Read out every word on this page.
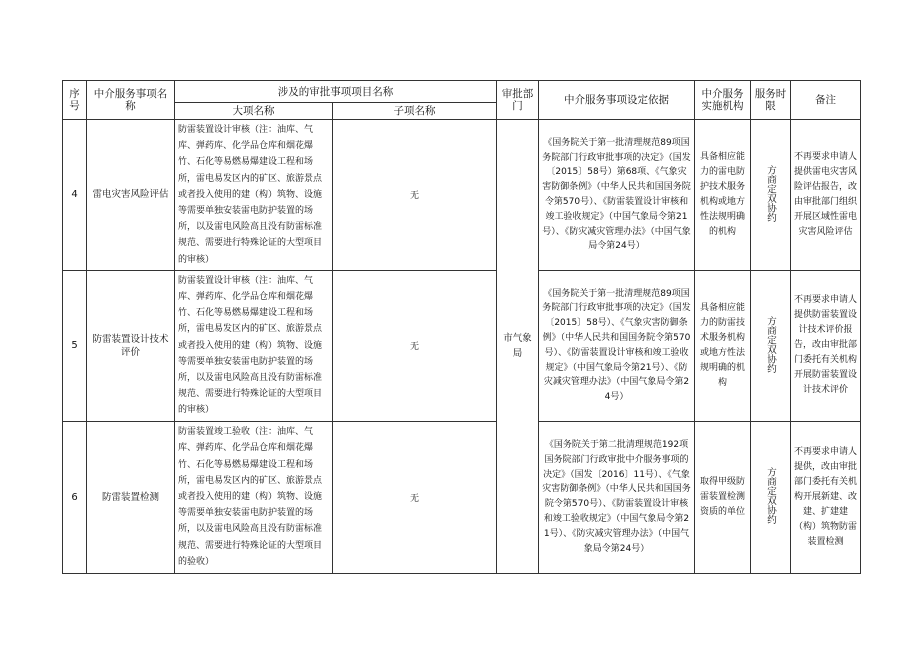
序号	中介服务事项名称	涉及的审批事项项目名称		审批部门	中介服务事项设定依据	中介服务实施机构	服务时限	备注
		大项名称	子项名称					
4	雷电灾害风险评估	防雷装置设计审核（注：油库、气库、弹药库、化学品仓库和烟花爆竹、石化等易燃易爆建设工程和场所，雷电易发区内的矿区、旅游景点或者投入使用的建（构）筑物、设施等需要单独安装雷电防护装置的场所，以及雷电风险高且没有防雷标准规范、需要进行特殊论证的大型项目的审核）	无	市气象局	《国务院关于第一批清理规范89项国务院部门行政审批事项的决定》（国发〔2015〕58号）第68项、《气象灾害防御条例》（中华人民共和国国务院令第570号）、《防雷装置设计审核和竣工验收规定》（中国气象局令第21号）、《防灾减灾管理办法》（中国气象局令第24号）	具备相应能力的雷电防护技术服务机构或地方性法规明确的机构	方商定双协约	不再要求申请人提供雷电灾害风险评估报告，改由审批部门组织开展区域性雷电灾害风险评估
5	防雷装置设计技术评价	防雷装置设计审核（注：油库、气库、弹药库、化学品仓库和烟花爆竹、石化等易燃易爆建设工程和场所，雷电易发区内的矿区、旅游景点或者投入使用的建（构）筑物、设施等需要单独安装雷电防护装置的场所，以及雷电风险高且没有防雷标准规范、需要进行特殊论证的大型项目的审核）	无		《国务院关于第一批清理规范89项国务院部门行政审批事项的决定》（国发〔2015〕58号）、《气象灾害防御条例》（中华人民共和国国务院令第570号）、《防雷装置设计审核和竣工验收规定》（中国气象局令第21号）、《防灾减灾管理办法》（中国气象局令第24号）	具备相应能力的防雷技术服务机构或地方性法规明确的机构	方商定双协约	不再要求申请人提供防雷装置设计技术评价报告，改由审批部门委托有关机构开展防雷装置设计技术评价
6	防雷装置检测	防雷装置竣工验收（注：油库、气库、弹药库、化学品仓库和烟花爆竹、石化等易燃易爆建设工程和场所，雷电易发区内的矿区、旅游景点或者投入使用的建（构）筑物、设施等需要单独安装雷电防护装置的场所，以及雷电风险高且没有防雷标准规范、需要进行特殊论证的大型项目的验收）	无		《国务院关于第二批清理规范192项国务院部门行政审批中介服务事项的决定》（国发〔2016〕11号）、《气象灾害防御条例》（中华人民共和国国务院令第570号）、《防雷装置设计审核和竣工验收规定》（中国气象局令第21号）、《防灾减灾管理办法》（中国气象局令第24号）	取得甲级防雷装置检测资质的单位	方商定双协约	不再要求申请人提供，改由审批部门委托有关机构开展新建、改建、扩建建（构）筑物防雷装置检测
